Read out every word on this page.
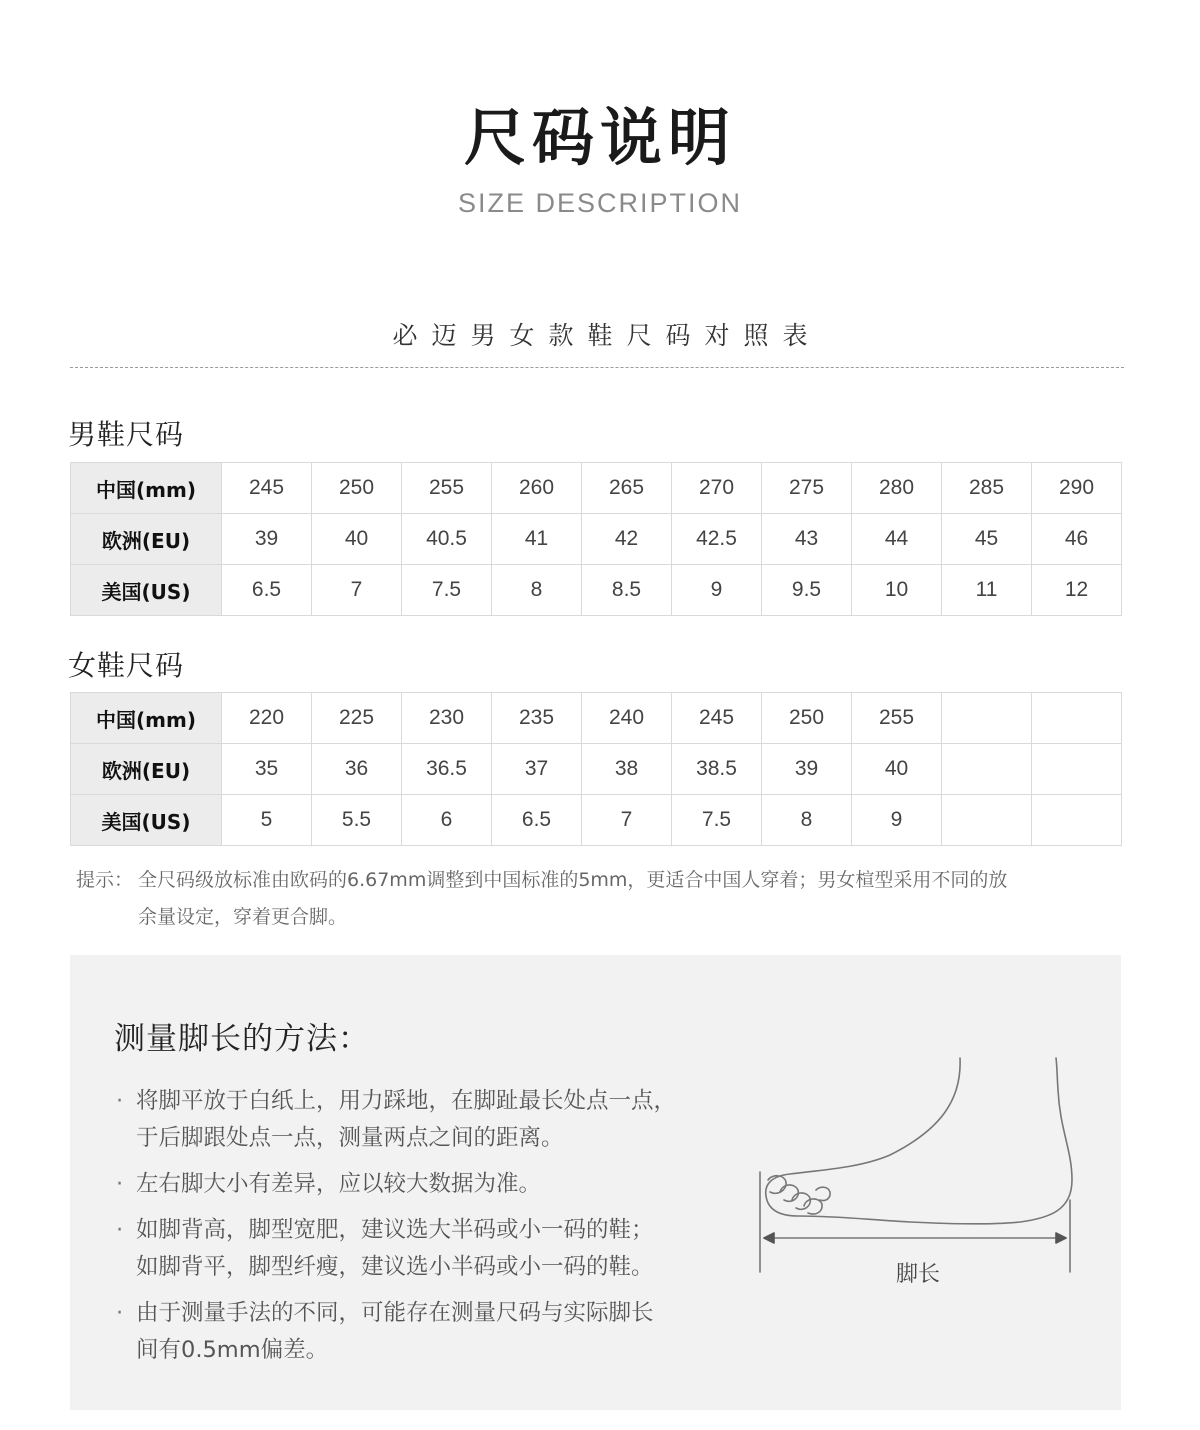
尺码说明
SIZE DESCRIPTION
必迈男女款鞋尺码对照表
男鞋尺码
中国(mm)	245	250	255	260	265	270	275	280	285	290
欧洲(EU)	39	40	40.5	41	42	42.5	43	44	45	46
美国(US)	6.5	7	7.5	8	8.5	9	9.5	10	11	12
女鞋尺码
中国(mm)	220	225	230	235	240	245	250	255		
欧洲(EU)	35	36	36.5	37	38	38.5	39	40		
美国(US)	5	5.5	6	6.5	7	7.5	8	9		
提示： 全尺码级放标准由欧码的6.67mm调整到中国标准的5mm，更适合中国人穿着；男女楦型采用不同的放
余量设定，穿着更合脚。
测量脚长的方法：
· 将脚平放于白纸上，用力踩地，在脚趾最长处点一点，
于后脚跟处点一点，测量两点之间的距离。
· 左右脚大小有差异，应以较大数据为准。
· 如脚背高，脚型宽肥，建议选大半码或小一码的鞋；
如脚背平，脚型纤瘦，建议选小半码或小一码的鞋。
· 由于测量手法的不同，可能存在测量尺码与实际脚长
间有0.5mm偏差。
脚长
